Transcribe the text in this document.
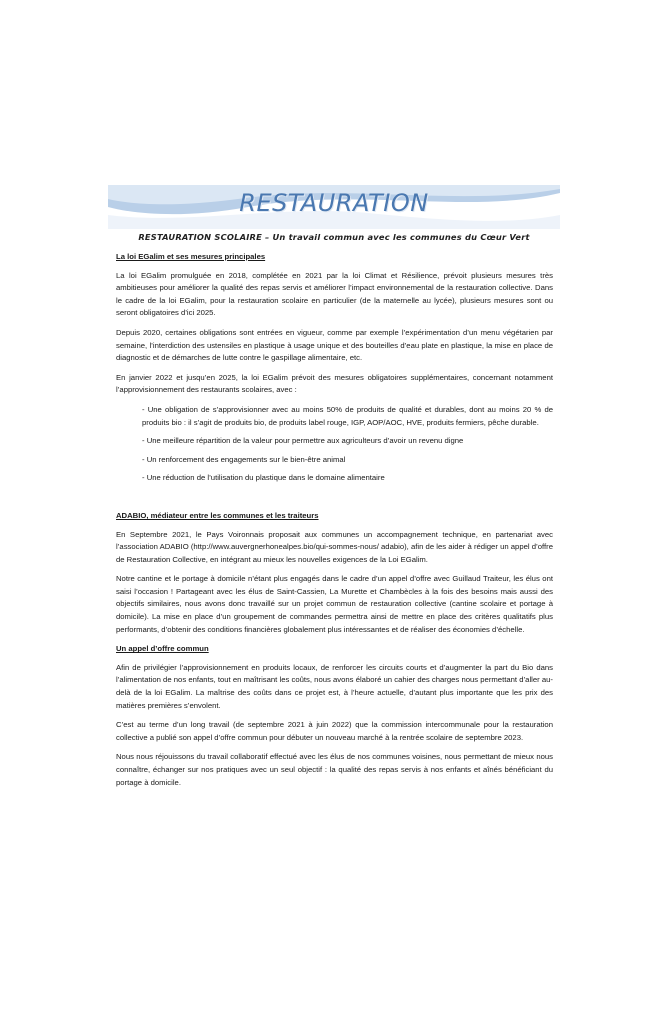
RESTAURATION
RESTAURATION SCOLAIRE – Un travail commun avec les communes du Cœur Vert
La loi EGalim et ses mesures principales

La loi EGalim promulguée en 2018, complétée en 2021 par la loi Climat et Résilience, prévoit plusieurs mesures très ambitieuses pour améliorer la qualité des repas servis et améliorer l’impact environnemental de la restauration collective. Dans le cadre de la loi EGalim, pour la restauration scolaire en particulier (de la maternelle au lycée), plusieurs mesures sont ou seront obligatoires d’ici 2025.

Depuis 2020, certaines obligations sont entrées en vigueur, comme par exemple l’expérimentation d’un menu végétarien par semaine, l’interdiction des ustensiles en plastique à usage unique et des bouteilles d’eau plate en plastique, la mise en place de diagnostic et de démarches de lutte contre le gaspillage alimentaire, etc.

En janvier 2022 et jusqu’en 2025, la loi EGalim prévoit des mesures obligatoires supplémentaires, concernant notamment l’approvisionnement des restaurants scolaires, avec :

- Une obligation de s’approvisionner avec au moins 50% de produits de qualité et durables, dont au moins 20 % de produits bio : il s’agit de produits bio, de produits label rouge, IGP, AOP/AOC, HVE, produits fermiers, pêche durable.
- Une meilleure répartition de la valeur pour permettre aux agriculteurs d’avoir un revenu digne
- Un renforcement des engagements sur le bien-être animal
- Une réduction de l’utilisation du plastique dans le domaine alimentaire
ADABIO, médiateur entre les communes et les traiteurs

En Septembre 2021, le Pays Voironnais proposait aux communes un accompagnement technique, en partenariat avec l’association ADABIO (http://www.auvergnerhonealpes.bio/qui-sommes-nous/ adabio), afin de les aider à rédiger un appel d’offre de Restauration Collective, en intégrant au mieux les nouvelles exigences de la Loi EGalim.

Notre cantine et le portage à domicile n’étant plus engagés dans le cadre d’un appel d’offre avec Guillaud Traiteur, les élus ont saisi l’occasion ! Partageant avec les élus de Saint-Cassien, La Murette et Chambècles à la fois des besoins mais aussi des objectifs similaires, nous avons donc travaillé sur un projet commun de restauration collective (cantine scolaire et portage à domicile). La mise en place d’un groupement de commandes permettra ainsi de mettre en place des critères qualitatifs plus performants, d’obtenir des conditions financières globalement plus intéressantes et de réaliser des économies d’échelle.

Un appel d’offre commun

Afin de privilégier l’approvisionnement en produits locaux, de renforcer les circuits courts et d’augmenter la part du Bio dans l’alimentation de nos enfants, tout en maîtrisant les coûts, nous avons élaboré un cahier des charges nous permettant d’aller au-delà de la loi EGalim. La maîtrise des coûts dans ce projet est, à l’heure actuelle, d’autant plus importante que les prix des matières premières s’envolent.

C’est au terme d’un long travail (de septembre 2021 à juin 2022) que la commission intercommunale pour la restauration collective a publié son appel d’offre commun pour débuter un nouveau marché à la rentrée scolaire de septembre 2023.

Nous nous réjouissons du travail collaboratif effectué avec les élus de nos communes voisines, nous permettant de mieux nous connaître, échanger sur nos pratiques avec un seul objectif : la qualité des repas servis à nos enfants et aînés bénéficiant du portage à domicile.
